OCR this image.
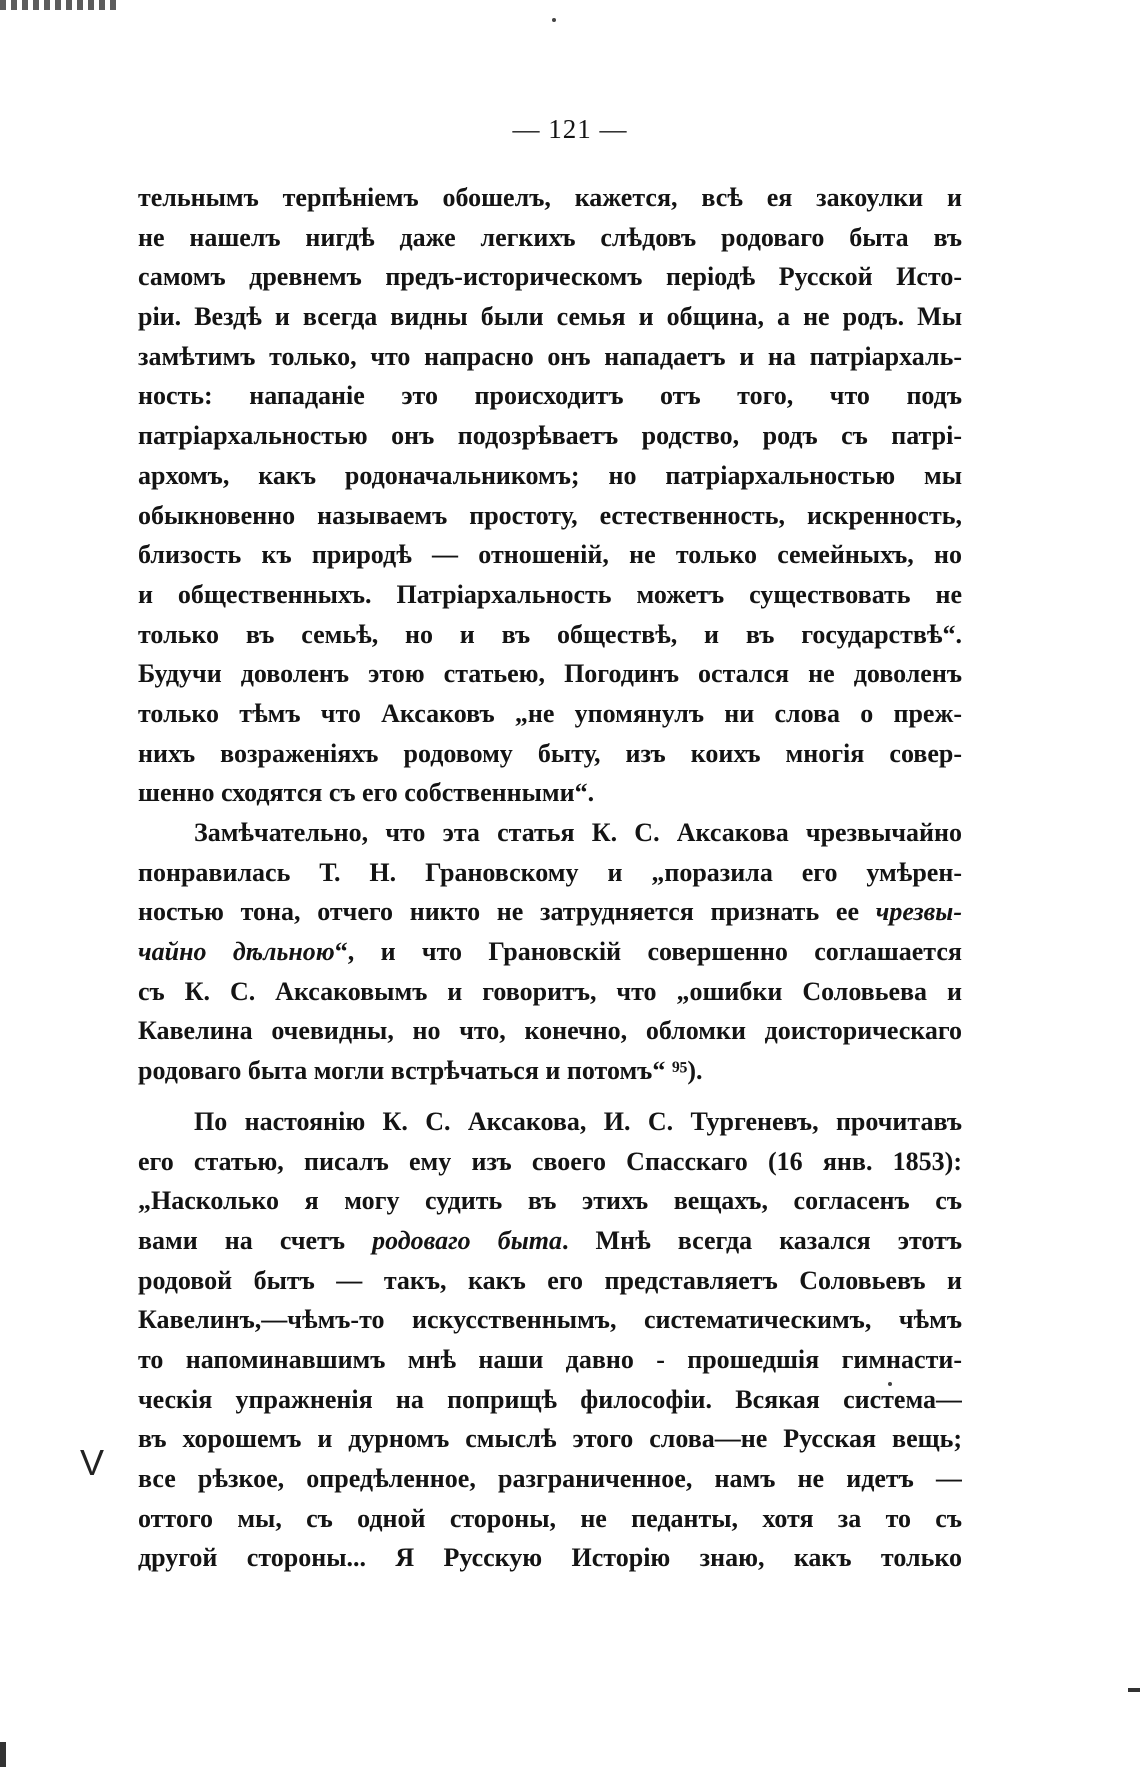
— 121 —
тельнымъ терпѣніемъ обошелъ, кажется, всѣ ея закоулки и
не нашелъ нигдѣ даже легкихъ слѣдовъ родоваго быта въ
самомъ древнемъ предъ-историческомъ періодѣ Русской Исто-
ріи. Вездѣ и всегда видны были семья и община, а не родъ. Мы
замѣтимъ только, что напрасно онъ нападаетъ и на патріархаль-
ность: нападаніе это происходитъ отъ того, что подъ
патріархальностью онъ подозрѣваетъ родство, родъ съ патрі-
архомъ, какъ родоначальникомъ; но патріархальностью мы
обыкновенно называемъ простоту, естественность, искренность,
близость къ природѣ — отношеній, не только семейныхъ, но
и общественныхъ. Патріархальность можетъ существовать не
только въ семьѣ, но и въ обществѣ, и въ государствѣ“.
Будучи доволенъ этою статьею, Погодинъ остался не доволенъ
только тѣмъ что Аксаковъ „не упомянулъ ни слова о преж-
нихъ возраженіяхъ родовому быту, изъ коихъ многія совер-
шенно сходятся съ его собственными“.
Замѣчательно, что эта статья К. С. Аксакова чрезвычайно
понравилась Т. Н. Грановскому и „поразила его умѣрен-
ностью тона, отчего никто не затрудняется признать ее чрезвы-
чайно дѣльною“, и что Грановскій совершенно соглашается
съ К. С. Аксаковымъ и говоритъ, что „ошибки Соловьева и
Кавелина очевидны, но что, конечно, обломки доисторическаго
родоваго быта могли встрѣчаться и потомъ“ ⁹⁵).
По настоянію К. С. Аксакова, И. С. Тургеневъ, прочитавъ
его статью, писалъ ему изъ своего Спасскаго (16 янв. 1853):
„Насколько я могу судить въ этихъ вещахъ, согласенъ съ
вами на счетъ родоваго быта. Мнѣ всегда казался этотъ
родовой бытъ — такъ, какъ его представляетъ Соловьевъ и
Кавелинъ,—чѣмъ-то искусственнымъ, систематическимъ, чѣмъ
то напоминавшимъ мнѣ наши давно - прошедшія гимнасти-
ческія упражненія на поприщѣ философіи. Всякая система—
въ хорошемъ и дурномъ смыслѣ этого слова—не Русская вещь;
все рѣзкое, опредѣленное, разграниченное, намъ не идетъ —
оттого мы, съ одной стороны, не педанты, хотя за то съ
другой стороны... Я Русскую Исторію знаю, какъ только
V
